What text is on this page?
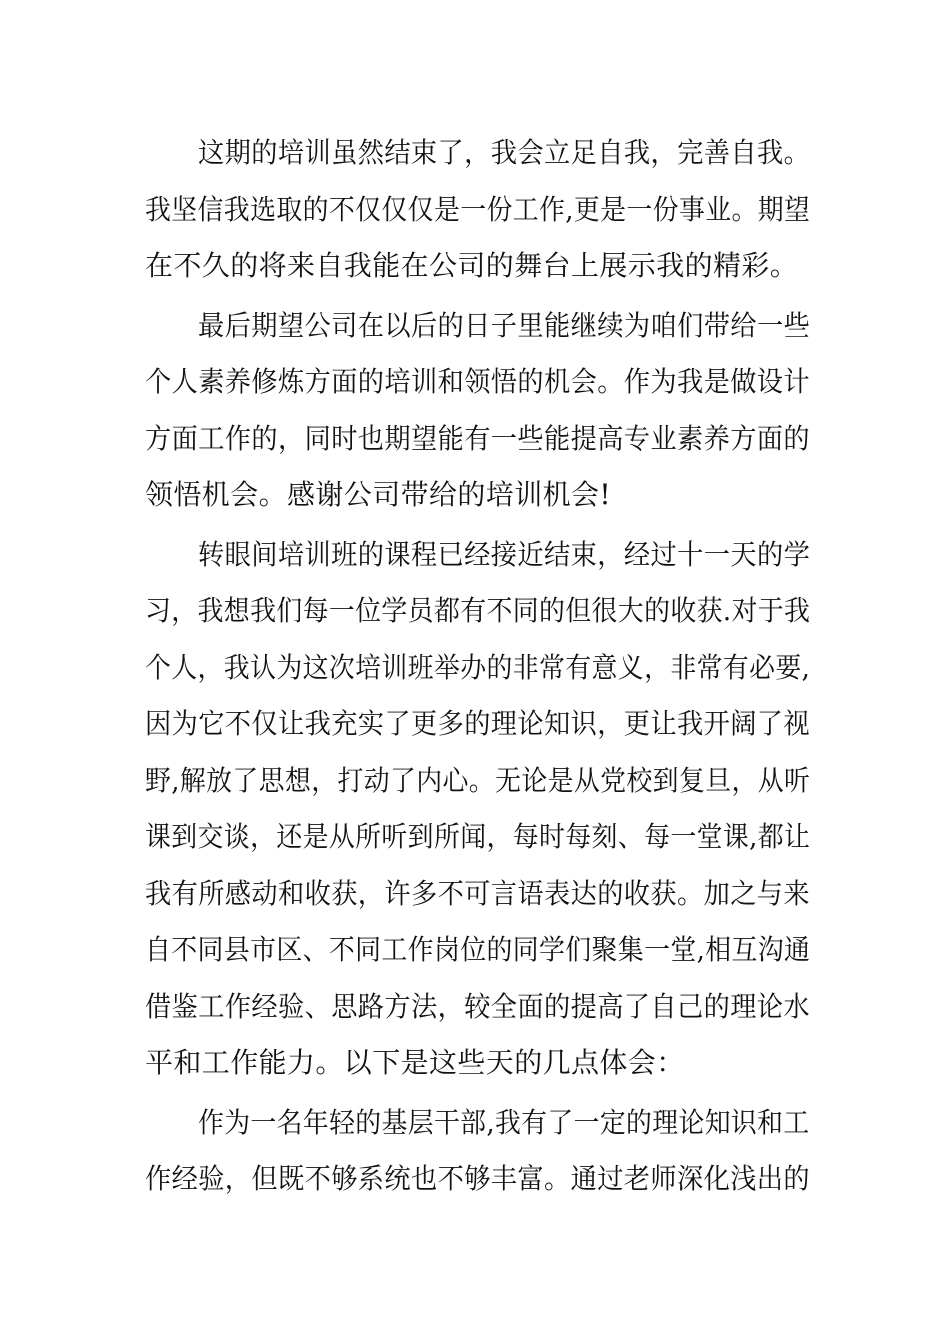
这期的培训虽然结束了，我会立足自我，完善自我。
我坚信我选取的不仅仅仅是一份工作,更是一份事业。期望
在不久的将来自我能在公司的舞台上展示我的精彩。
最后期望公司在以后的日子里能继续为咱们带给一些
个人素养修炼方面的培训和领悟的机会。作为我是做设计
方面工作的，同时也期望能有一些能提高专业素养方面的
领悟机会。感谢公司带给的培训机会!
转眼间培训班的课程已经接近结束，经过十一天的学
习，我想我们每一位学员都有不同的但很大的收获.对于我
个人，我认为这次培训班举办的非常有意义，非常有必要,
因为它不仅让我充实了更多的理论知识，更让我开阔了视
野,解放了思想，打动了内心。无论是从党校到复旦，从听
课到交谈，还是从所听到所闻，每时每刻、每一堂课,都让
我有所感动和收获，许多不可言语表达的收获。加之与来
自不同县市区、不同工作岗位的同学们聚集一堂,相互沟通
借鉴工作经验、思路方法，较全面的提高了自己的理论水
平和工作能力。以下是这些天的几点体会：
作为一名年轻的基层干部,我有了一定的理论知识和工
作经验，但既不够系统也不够丰富。通过老师深化浅出的
